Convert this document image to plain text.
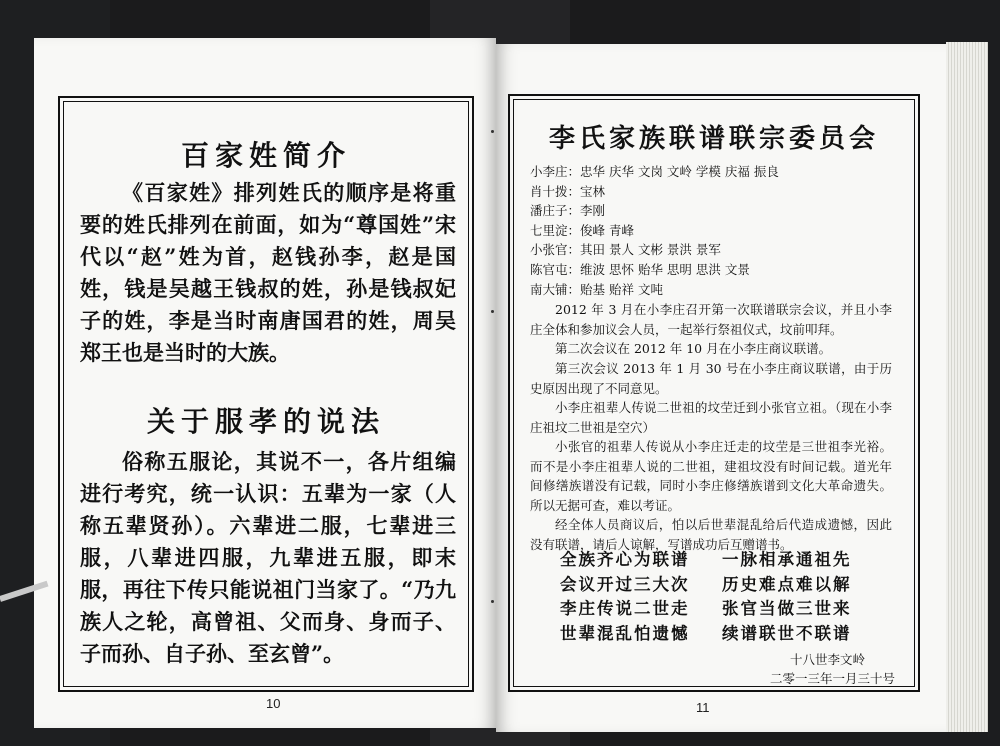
百家姓简介
《百家姓》排列姓氏的顺序是将重要的姓氏排列在前面，如为“尊国姓”宋代以“赵”姓为首，赵钱孙李，赵是国姓，钱是吴越王钱叔的姓，孙是钱叔妃子的姓，李是当时南唐国君的姓，周吴郑王也是当时的大族。
关于服孝的说法
俗称五服论，其说不一，各片组编进行考究，统一认识：五辈为一家（人称五辈贤孙）。六辈进二服，七辈进三服，八辈进四服，九辈进五服，即末服，再往下传只能说祖门当家了。“乃九族人之轮，高曾祖、父而身、身而子、子而孙、自子孙、至玄曾”。
10
李氏家族联谱联宗委员会
小李庄： 忠华 庆华 文岗 文岭 学模 庆福 振良
肖十拨： 宝林
潘庄子： 李刚
七里淀： 俊峰 青峰
小张官： 其田 景人 文彬 景洪 景军
陈官屯： 维波 思怀 贻华 思明 思洪 文景
南大铺： 贻基 贻祥 文吨
2012 年 3 月在小李庄召开第一次联谱联宗会议，并且小李庄全体和参加议会人员，一起举行祭祖仪式，坟前叩拜。
第二次会议在 2012 年 10 月在小李庄商议联谱。
第三次会议 2013 年 1 月 30 号在小李庄商议联谱，由于历史原因出现了不同意见。
小李庄祖辈人传说二世祖的坟茔迁到小张官立祖。（现在小李庄祖坟二世祖是空穴）
小张官的祖辈人传说从小李庄迁走的坟茔是三世祖李光裕。而不是小李庄祖辈人说的二世祖，建祖坟没有时间记载。道光年间修缮族谱没有记载，同时小李庄修缮族谱到文化大革命遗失。所以无据可查，难以考证。
经全体人员商议后，怕以后世辈混乱给后代造成遗憾，因此没有联谱，请后人谅解，写谱成功后互赠谱书。
全族齐心为联谱
会议开过三大次
李庄传说二世走
世辈混乱怕遗憾
一脉相承通祖先
历史难点难以解
张官当做三世来
续谱联世不联谱
十八世李文岭
二零一三年一月三十号
11
